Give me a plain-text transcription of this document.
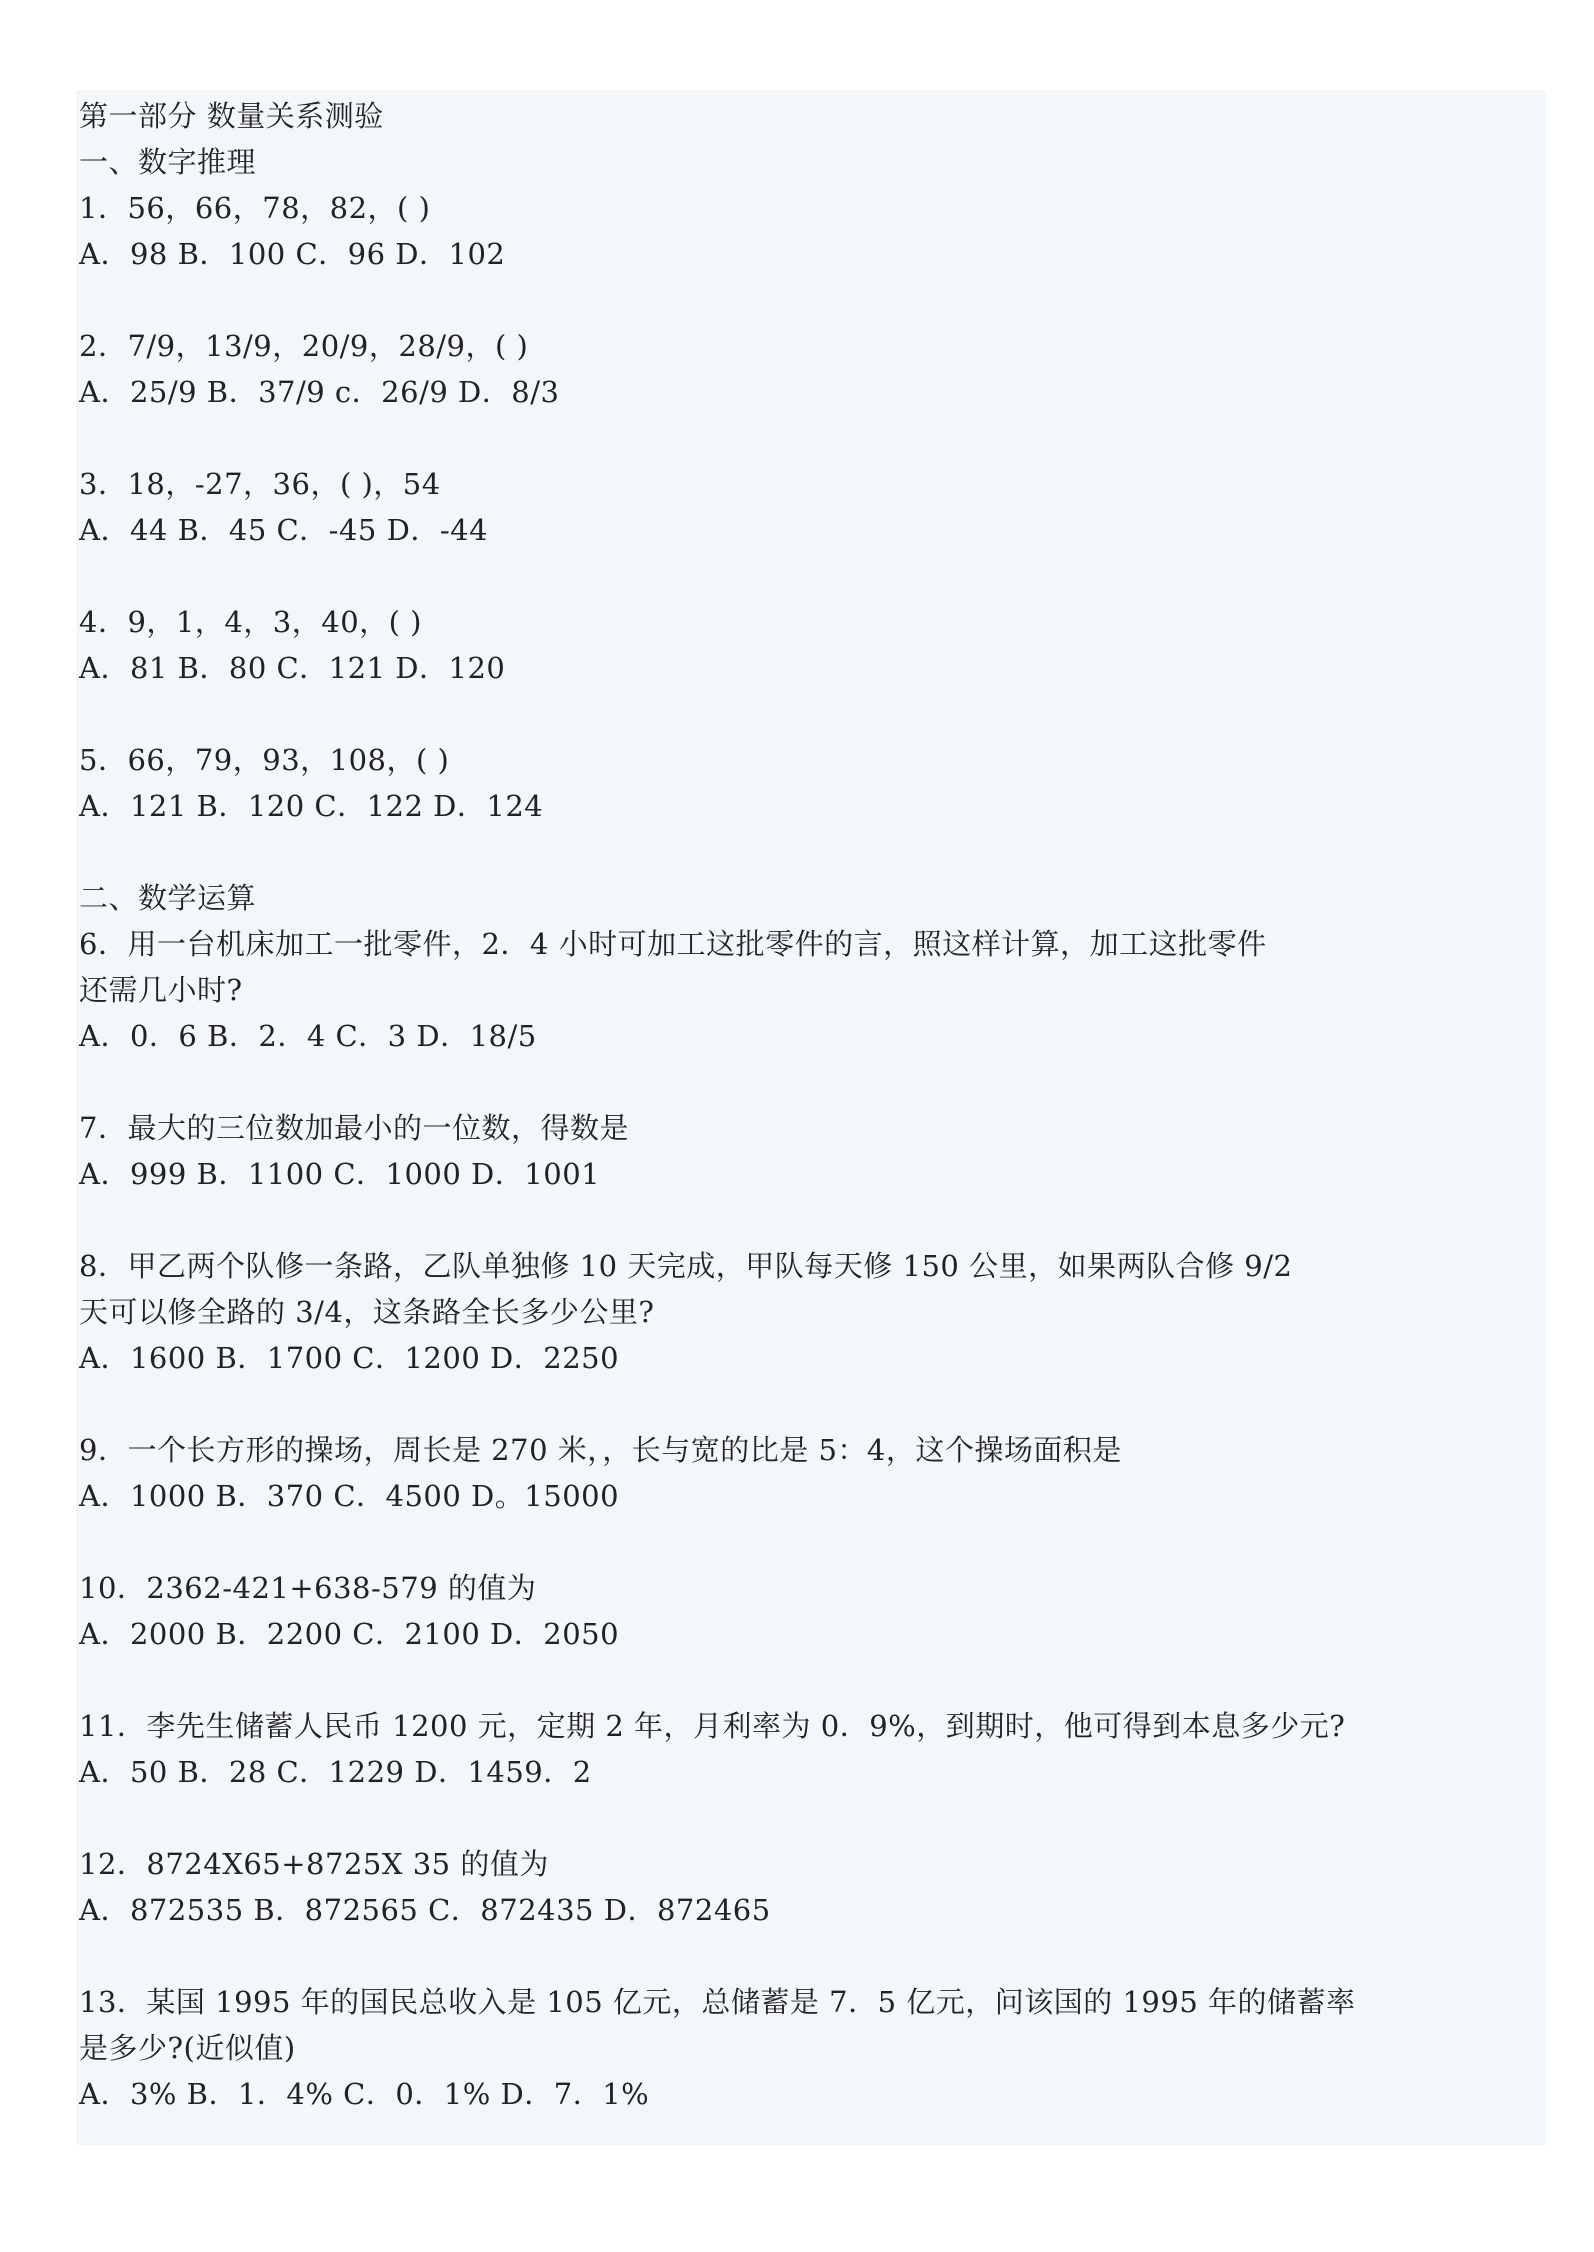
第一部分 数量关系测验
一、数字推理
1．56，66，78，82，( )
A．98 B．100 C．96 D．102
2．7/9，13/9，20/9，28/9，( )
A．25/9 B．37/9 c．26/9 D．8/3
3．18，-27，36，( )，54
A．44 B．45 C．-45 D．-44
4．9，1，4，3，40，( )
A．81 B．80 C．121 D．120
5．66，79，93，108，( )
A．121 B．120 C．122 D．124
二、数学运算
6．用一台机床加工一批零件，2．4 小时可加工这批零件的言，照这样计算，加工这批零件
还需几小时?
A．0．6 B．2．4 C．3 D．18/5
7．最大的三位数加最小的一位数，得数是
A．999 B．1100 C．1000 D．1001
8．甲乙两个队修一条路，乙队单独修 10 天完成，甲队每天修 150 公里，如果两队合修 9/2
天可以修全路的 3/4，这条路全长多少公里?
A．1600 B．1700 C．1200 D．2250
9．一个长方形的操场，周长是 270 米，，长与宽的比是 5：4，这个操场面积是
A．1000 B．370 C．4500 D。15000
10．2362-421+638-579 的值为
A．2000 B．2200 C．2100 D．2050
11．李先生储蓄人民币 1200 元，定期 2 年，月利率为 0．9%，到期时，他可得到本息多少元?
A．50 B．28 C．1229 D．1459．2
12．8724X65+8725X 35 的值为
A．872535 B．872565 C．872435 D．872465
13．某国 1995 年的国民总收入是 105 亿元，总储蓄是 7．5 亿元，问该国的 1995 年的储蓄率
是多少?(近似值)
A．3% B．1．4% C．0．1% D．7．1%
